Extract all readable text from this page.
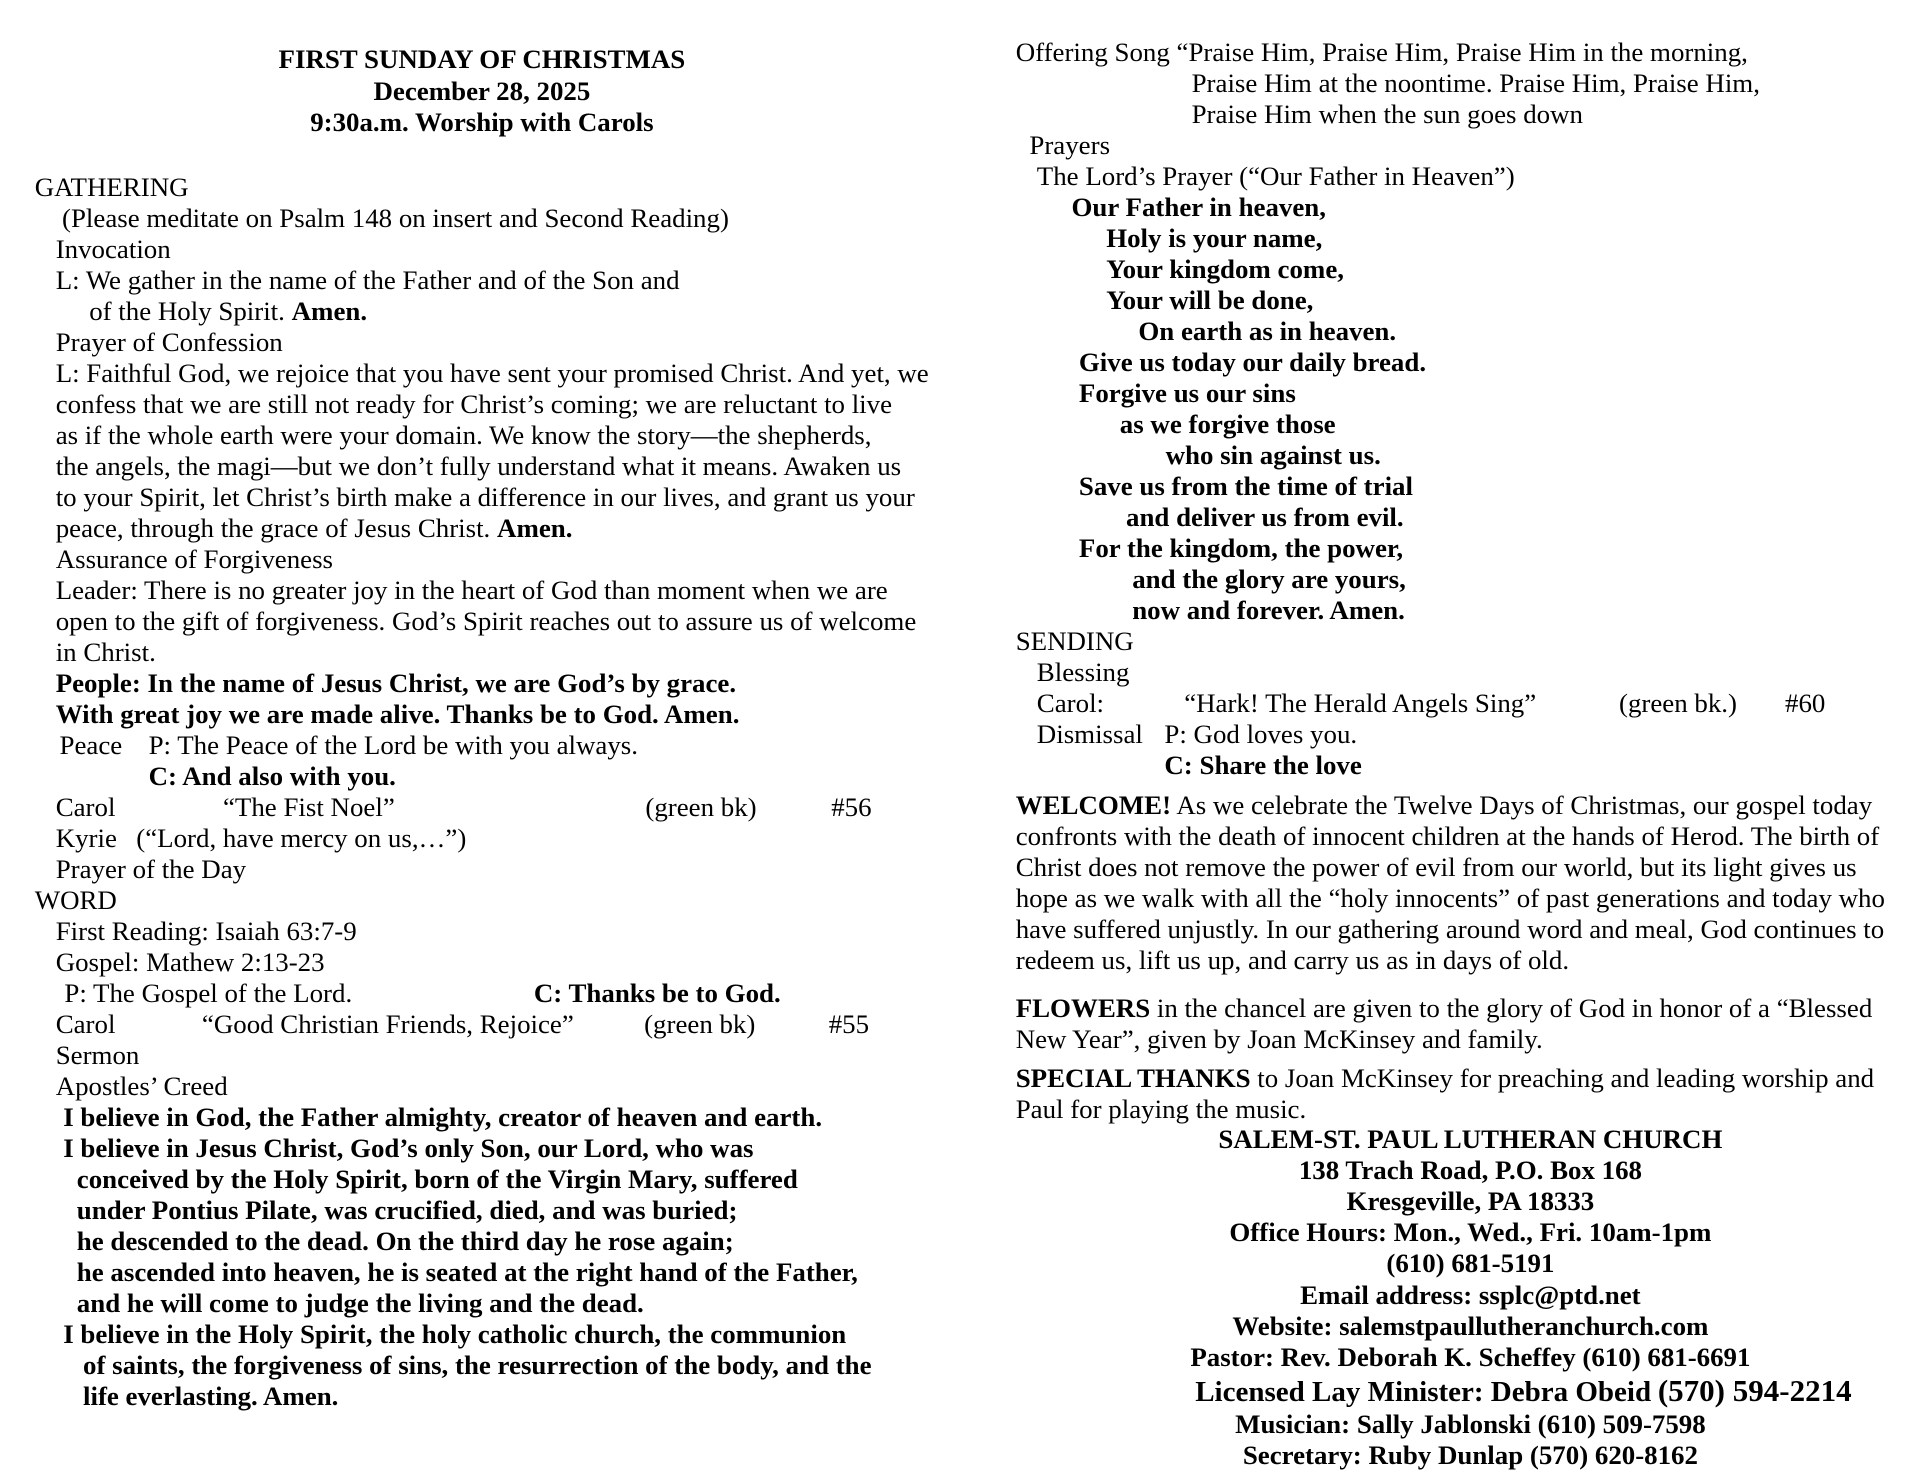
FIRST SUNDAY OF CHRISTMAS
December 28, 2025
9:30a.m. Worship with Carols
GATHERING
(Please meditate on Psalm 148 on insert and Second Reading)
Invocation
L: We gather in the name of the Father and of the Son and
of the Holy Spirit. Amen.
Prayer of Confession
L: Faithful God, we rejoice that you have sent your promised Christ. And yet, we
confess that we are still not ready for Christ’s coming; we are reluctant to live
as if the whole earth were your domain. We know the story—the shepherds,
the angels, the magi—but we don’t fully understand what it means. Awaken us
to your Spirit, let Christ’s birth make a difference in our lives, and grant us your
peace, through the grace of Jesus Christ. Amen.
Assurance of Forgiveness
Leader: There is no greater joy in the heart of God than moment when we are
open to the gift of forgiveness. God’s Spirit reaches out to assure us of welcome
in Christ.
People: In the name of Jesus Christ, we are God’s by grace.
With great joy we are made alive. Thanks be to God. Amen.
Peace P: The Peace of the Lord be with you always.
C: And also with you.
Carol	“The Fist Noel”	(green bk)	#56
Kyrie (“Lord, have mercy on us,…”)
Prayer of the Day
WORD
First Reading: Isaiah 63:7-9
Gospel: Mathew 2:13-23
P: The Gospel of the Lord.	C: Thanks be to God.
Carol	“Good Christian Friends, Rejoice”	(green bk)	#55
Sermon
Apostles’ Creed
I believe in God, the Father almighty, creator of heaven and earth.
I believe in Jesus Christ, God’s only Son, our Lord, who was
conceived by the Holy Spirit, born of the Virgin Mary, suffered
under Pontius Pilate, was crucified, died, and was buried;
he descended to the dead. On the third day he rose again;
he ascended into heaven, he is seated at the right hand of the Father,
and he will come to judge the living and the dead.
I believe in the Holy Spirit, the holy catholic church, the communion
of saints, the forgiveness of sins, the resurrection of the body, and the
life everlasting. Amen.
Offering Song “Praise Him, Praise Him, Praise Him in the morning,
Praise Him at the noontime. Praise Him, Praise Him,
Praise Him when the sun goes down
Prayers
The Lord’s Prayer (“Our Father in Heaven”)
Our Father in heaven,
Holy is your name,
Your kingdom come,
Your will be done,
On earth as in heaven.
Give us today our daily bread.
Forgive us our sins
as we forgive those
who sin against us.
Save us from the time of trial
and deliver us from evil.
For the kingdom, the power,
and the glory are yours,
now and forever. Amen.
SENDING
Blessing
Carol:	“Hark! The Herald Angels Sing”	(green bk.) #60
Dismissal P: God loves you.
C: Share the love
WELCOME! As we celebrate the Twelve Days of Christmas, our gospel today
confronts with the death of innocent children at the hands of Herod. The birth of
Christ does not remove the power of evil from our world, but its light gives us
hope as we walk with all the “holy innocents” of past generations and today who
have suffered unjustly. In our gathering around word and meal, God continues to
redeem us, lift us up, and carry us as in days of old.
FLOWERS in the chancel are given to the glory of God in honor of a “Blessed
New Year”, given by Joan McKinsey and family.
SPECIAL THANKS to Joan McKinsey for preaching and leading worship and
Paul for playing the music.
SALEM-ST. PAUL LUTHERAN CHURCH
138 Trach Road, P.O. Box 168
Kresgeville, PA 18333
Office Hours: Mon., Wed., Fri. 10am-1pm
(610) 681-5191
Email address: ssplc@ptd.net
Website: salemstpaullutheranchurch.com
Pastor: Rev. Deborah K. Scheffey (610) 681-6691
Licensed Lay Minister: Debra Obeid (570) 594-2214
Musician: Sally Jablonski (610) 509-7598
Secretary: Ruby Dunlap (570) 620-8162
